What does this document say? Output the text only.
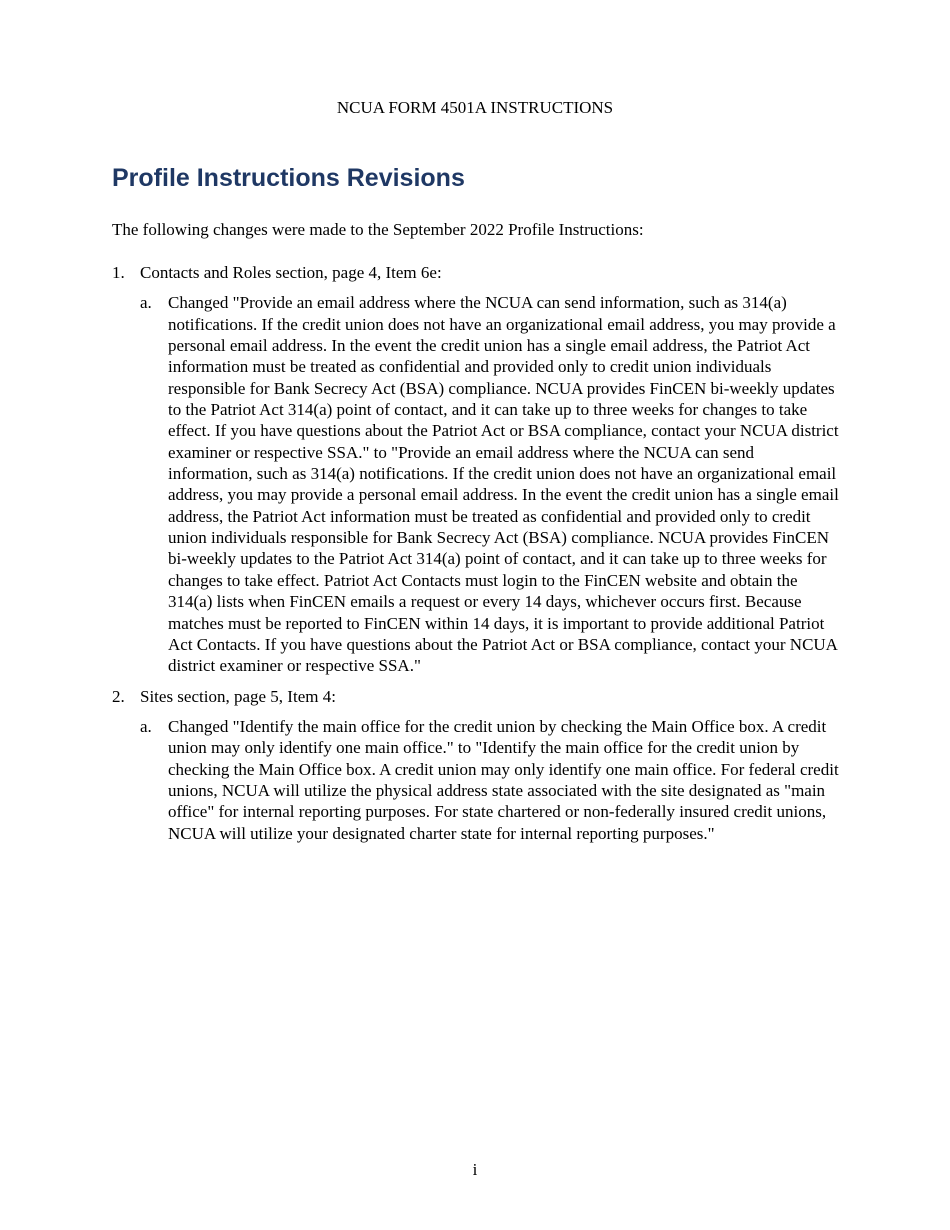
NCUA FORM 4501A INSTRUCTIONS
Profile Instructions Revisions

The following changes were made to the September 2022 Profile Instructions:

1. Contacts and Roles section, page 4, Item 6e:
a. Changed "Provide an email address where the NCUA can send information, such as 314(a) notifications. If the credit union does not have an organizational email address, you may provide a personal email address. In the event the credit union has a single email address, the Patriot Act information must be treated as confidential and provided only to credit union individuals responsible for Bank Secrecy Act (BSA) compliance. NCUA provides FinCEN bi-weekly updates to the Patriot Act 314(a) point of contact, and it can take up to three weeks for changes to take effect. If you have questions about the Patriot Act or BSA compliance, contact your NCUA district examiner or respective SSA." to "Provide an email address where the NCUA can send information, such as 314(a) notifications. If the credit union does not have an organizational email address, you may provide a personal email address. In the event the credit union has a single email address, the Patriot Act information must be treated as confidential and provided only to credit union individuals responsible for Bank Secrecy Act (BSA) compliance. NCUA provides FinCEN bi-weekly updates to the Patriot Act 314(a) point of contact, and it can take up to three weeks for changes to take effect. Patriot Act Contacts must login to the FinCEN website and obtain the 314(a) lists when FinCEN emails a request or every 14 days, whichever occurs first. Because matches must be reported to FinCEN within 14 days, it is important to provide additional Patriot Act Contacts. If you have questions about the Patriot Act or BSA compliance, contact your NCUA district examiner or respective SSA."
2. Sites section, page 5, Item 4:
a. Changed "Identify the main office for the credit union by checking the Main Office box. A credit union may only identify one main office." to "Identify the main office for the credit union by checking the Main Office box. A credit union may only identify one main office. For federal credit unions, NCUA will utilize the physical address state associated with the site designated as "main office" for internal reporting purposes. For state chartered or non-federally insured credit unions, NCUA will utilize your designated charter state for internal reporting purposes."
i
